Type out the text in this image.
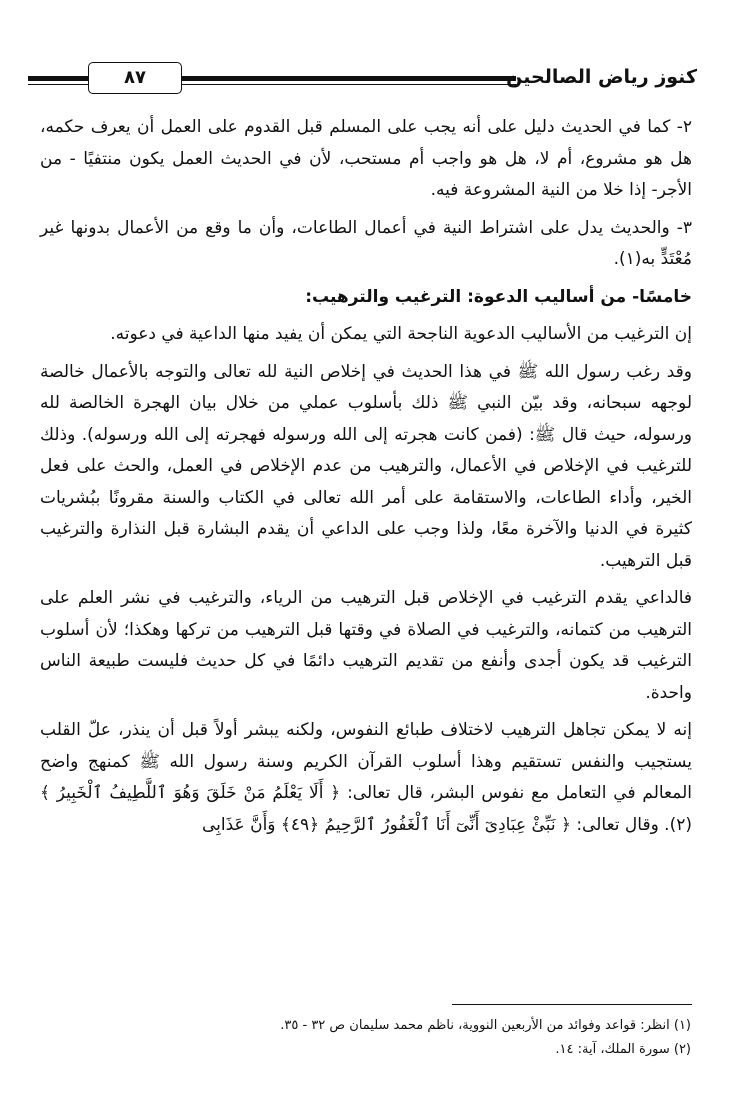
كنوز رياض الصالحين
٨٧

٢- كما في الحديث دليل على أنه يجب على المسلم قبل القدوم على العمل أن يعرف حكمه، هل هو مشروع، أم لا، هل هو واجب أم مستحب، لأن في الحديث العمل يكون منتفيًا - من الأجر- إذا خلا من النية المشروعة فيه.

٣- والحديث يدل على اشتراط النية في أعمال الطاعات، وأن ما وقع من الأعمال بدونها غير مُعْتَدٍّ به(١).

خامسًا- من أساليب الدعوة: الترغيب والترهيب:

إن الترغيب من الأساليب الدعوية الناجحة التي يمكن أن يفيد منها الداعية في دعوته.

وقد رغب رسول الله ﷺ في هذا الحديث في إخلاص النية لله تعالى والتوجه بالأعمال خالصة لوجهه سبحانه، وقد بيّن النبي ﷺ ذلك بأسلوب عملي من خلال بيان الهجرة الخالصة لله ورسوله، حيث قال ﷺ: (فمن كانت هجرته إلى الله ورسوله فهجرته إلى الله ورسوله). وذلك للترغيب في الإخلاص في الأعمال، والترهيب من عدم الإخلاص في العمل، والحث على فعل الخير، وأداء الطاعات، والاستقامة على أمر الله تعالى في الكتاب والسنة مقرونًا ببُشريات كثيرة في الدنيا والآخرة معًا، ولذا وجب على الداعي أن يقدم البشارة قبل النذارة والترغيب قبل الترهيب.

فالداعي يقدم الترغيب في الإخلاص قبل الترهيب من الرياء، والترغيب في نشر العلم على الترهيب من كتمانه، والترغيب في الصلاة في وقتها قبل الترهيب من تركها وهكذا؛ لأن أسلوب الترغيب قد يكون أجدى وأنفع من تقديم الترهيب دائمًا في كل حديث فليست طبيعة الناس واحدة.

إنه لا يمكن تجاهل الترهيب لاختلاف طبائع النفوس، ولكنه يبشر أولاً قبل أن ينذر، علّ القلب يستجيب والنفس تستقيم وهذا أسلوب القرآن الكريم وسنة رسول الله ﷺ كمنهج واضح المعالم في التعامل مع نفوس البشر، قال تعالى: ﴿ أَلَا يَعْلَمُ مَنْ خَلَقَ وَهُوَ ٱللَّطِيفُ ٱلْخَبِيرُ ﴾(٢). وقال تعالى: ﴿ نَبِّئْ عِبَادِىٓ أَنِّىٓ أَنَا ٱلْغَفُورُ ٱلرَّحِيمُ ﴿٤٩﴾ وَأَنَّ عَذَابِى

(١) انظر: قواعد وفوائد من الأربعين النووية، ناظم محمد سليمان ص ٣٢ - ٣٥.
(٢) سورة الملك، آية: ١٤.
